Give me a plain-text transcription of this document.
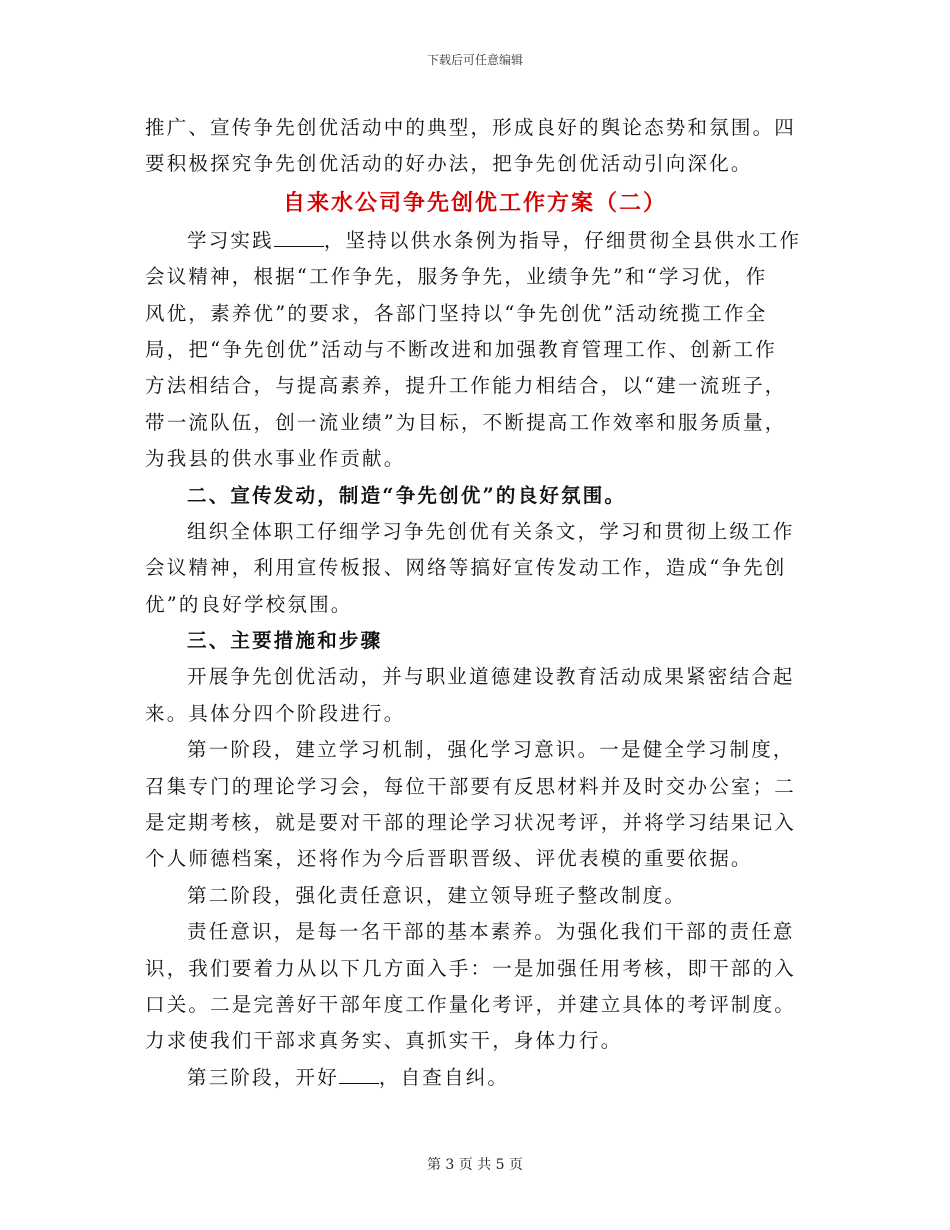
下载后可任意编辑
推广、宣传争先创优活动中的典型，形成良好的舆论态势和氛围。四
要积极探究争先创优活动的好办法，把争先创优活动引向深化。
自来水公司争先创优工作方案（二）
学习实践	，坚持以供水条例为指导，仔细贯彻全县供水工作
会议精神，根据“工作争先，服务争先，业绩争先”和“学习优，作
风优，素养优”的要求，各部门坚持以“争先创优”活动统揽工作全
局，把“争先创优”活动与不断改进和加强教育管理工作、创新工作
方法相结合，与提高素养，提升工作能力相结合，以“建一流班子，
带一流队伍，创一流业绩”为目标，不断提高工作效率和服务质量，
为我县的供水事业作贡献。
二、宣传发动，制造“争先创优”的良好氛围。
组织全体职工仔细学习争先创优有关条文，学习和贯彻上级工作
会议精神，利用宣传板报、网络等搞好宣传发动工作，造成“争先创
优”的良好学校氛围。
三、主要措施和步骤
开展争先创优活动，并与职业道德建设教育活动成果紧密结合起
来。具体分四个阶段进行。
第一阶段，建立学习机制，强化学习意识。一是健全学习制度，
召集专门的理论学习会，每位干部要有反思材料并及时交办公室；二
是定期考核，就是要对干部的理论学习状况考评，并将学习结果记入
个人师德档案，还将作为今后晋职晋级、评优表模的重要依据。
第二阶段，强化责任意识，建立领导班子整改制度。
责任意识，是每一名干部的基本素养。为强化我们干部的责任意
识，我们要着力从以下几方面入手：一是加强任用考核，即干部的入
口关。二是完善好干部年度工作量化考评，并建立具体的考评制度。
力求使我们干部求真务实、真抓实干，身体力行。
第三阶段，开好 ，自查自纠。
第 3 页 共 5 页
